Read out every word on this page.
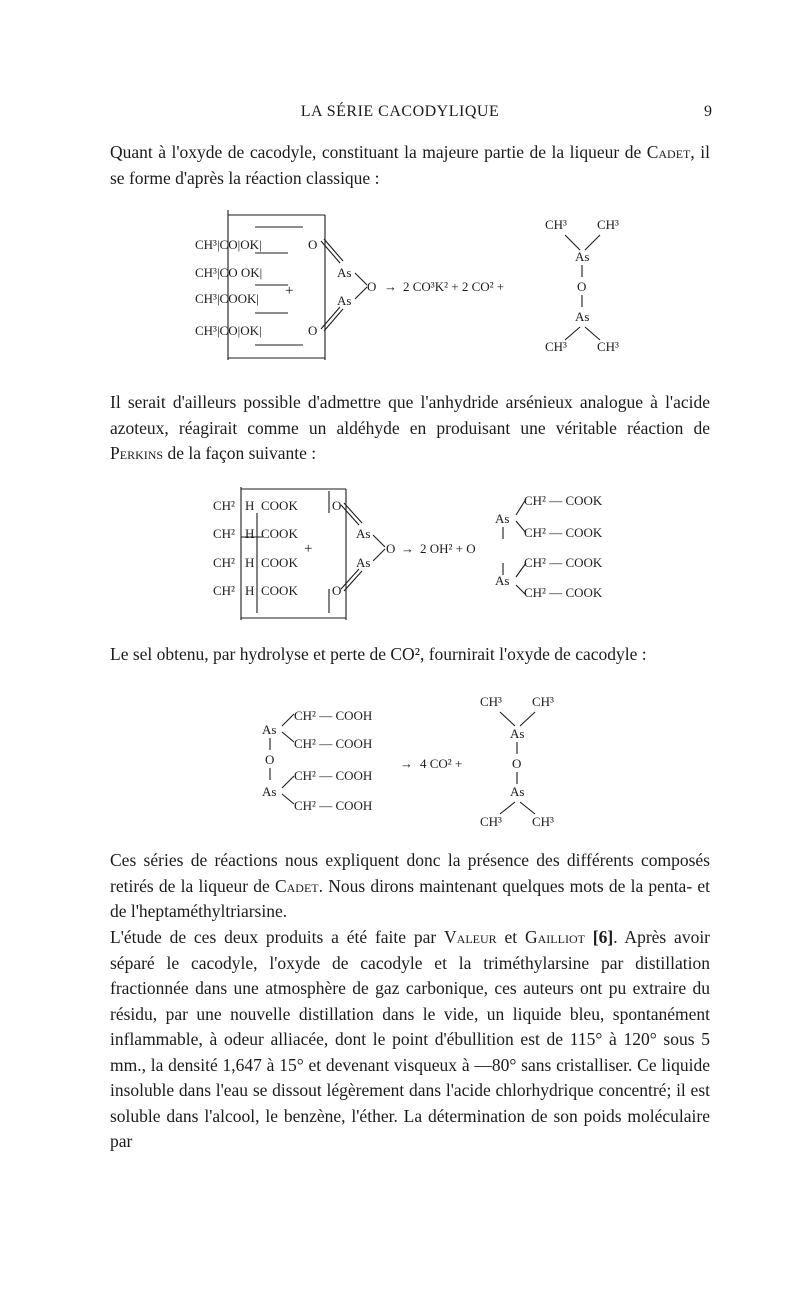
LA SÉRIE CACODYLIQUE	9

Quant à l'oxyde de cacodyle, constituant la majeure partie de la liqueur de Cadet, il se forme d'après la réaction classique :

CH³|CO|OK|
CH³|CO OK|
CH³|COOK|
CH³|CO|OK|
O
O
+
As
As
O → 2 CO³K² + 2 CO² +
CH³ CH³
As
O
As
CH³ CH³

Il serait d'ailleurs possible d'admettre que l'anhydride arsénieux analogue à l'acide azoteux, réagirait comme un aldéhyde en produisant une véritable réaction de Perkins de la façon suivante :

CH²
CH²
CH²
CH²
H
H
H
H
COOK
COOK
COOK
COOK
O
O
+
As
As
O → 2 OH² + O
As
As
CH² — COOK
CH² — COOK
CH² — COOK
CH² — COOK

Le sel obtenu, par hydrolyse et perte de CO², fournirait l'oxyde de cacodyle :

As
CH² — COOH
CH² — COOH
O
As
CH² — COOH
CH² — COOH
→ 4 CO² +
CH³ CH³
As
O
As
CH³ CH³

Ces séries de réactions nous expliquent donc la présence des différents composés retirés de la liqueur de Cadet. Nous dirons maintenant quelques mots de la penta- et de l'heptaméthyltriarsine.

L'étude de ces deux produits a été faite par Valeur et Gailliot [6]. Après avoir séparé le cacodyle, l'oxyde de cacodyle et la triméthylarsine par distillation fractionnée dans une atmosphère de gaz carbonique, ces auteurs ont pu extraire du résidu, par une nouvelle distillation dans le vide, un liquide bleu, spontanément inflammable, à odeur alliacée, dont le point d'ébullition est de 115° à 120° sous 5 mm., la densité 1,647 à 15° et devenant visqueux à —80° sans cristalliser. Ce liquide insoluble dans l'eau se dissout légèrement dans l'acide chlorhydrique concentré; il est soluble dans l'alcool, le benzène, l'éther. La détermination de son poids moléculaire par
